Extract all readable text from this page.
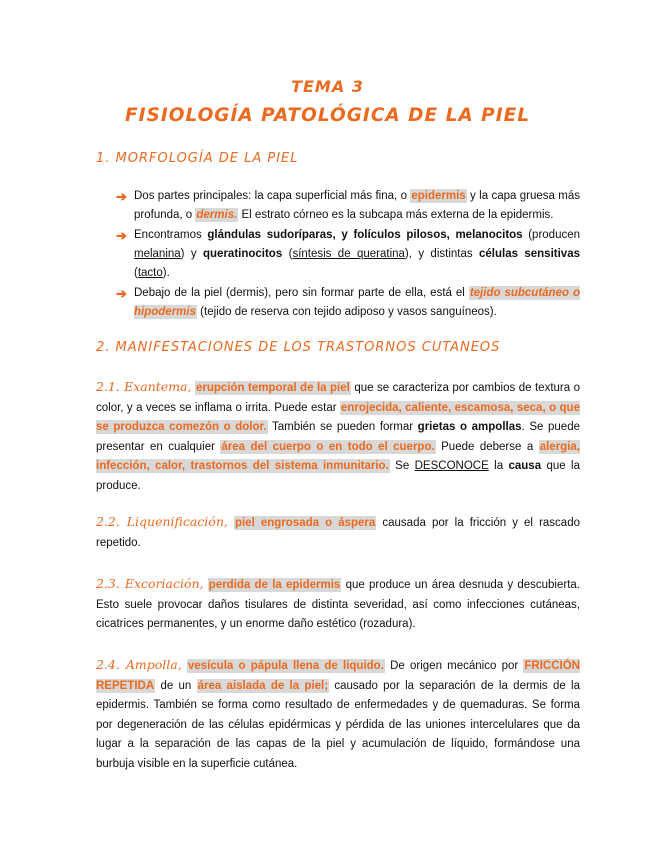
TEMA 3
FISIOLOGÍA PATOLÓGICA DE LA PIEL
1. MORFOLOGÍA DE LA PIEL
➔ Dos partes principales: la capa superficial más fina, o epidermis y la capa gruesa más profunda, o dermis. El estrato córneo es la subcapa más externa de la epidermis.
➔ Encontramos glándulas sudoríparas, y folículos pilosos, melanocitos (producen melanina) y queratinocitos (síntesis de queratina), y distintas células sensitivas (tacto).
➔ Debajo de la piel (dermis), pero sin formar parte de ella, está el tejido subcutáneo o hipodermis (tejido de reserva con tejido adiposo y vasos sanguíneos).
2. MANIFESTACIONES DE LOS TRASTORNOS CUTANEOS
2.1. Exantema, erupción temporal de la piel que se caracteriza por cambios de textura o color, y a veces se inflama o irrita. Puede estar enrojecida, caliente, escamosa, seca, o que se produzca comezón o dolor. También se pueden formar grietas o ampollas. Se puede presentar en cualquier área del cuerpo o en todo el cuerpo. Puede deberse a alergia, infección, calor, trastornos del sistema inmunitario. Se DESCONOCE la causa que la produce.
2.2. Liquenificación, piel engrosada o áspera causada por la fricción y el rascado repetido.
2.3. Excoriación, perdida de la epidermis que produce un área desnuda y descubierta. Esto suele provocar daños tisulares de distinta severidad, así como infecciones cutáneas, cicatrices permanentes, y un enorme daño estético (rozadura).
2.4. Ampolla, vesícula o pápula llena de liquido. De origen mecánico por FRICCIÓN REPETIDA de un área aislada de la piel; causado por la separación de la dermis de la epidermis. También se forma como resultado de enfermedades y de quemaduras. Se forma por degeneración de las células epidérmicas y pérdida de las uniones intercelulares que da lugar a la separación de las capas de la piel y acumulación de líquido, formándose una burbuja visible en la superficie cutánea.
